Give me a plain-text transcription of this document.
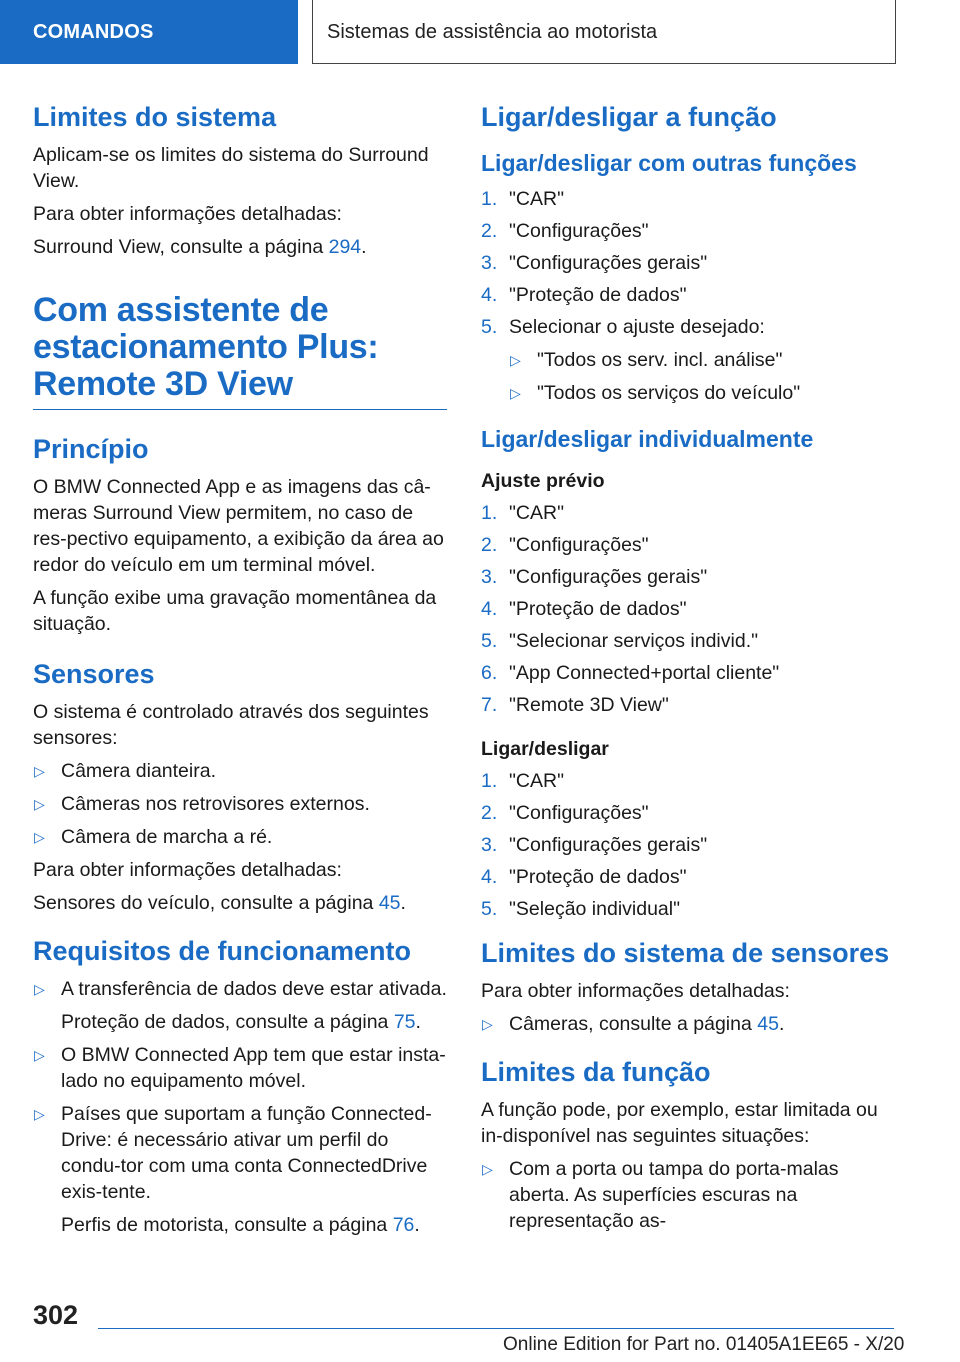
COMANDOS	Sistemas de assistência ao motorista
Limites do sistema

Aplicam-se os limites do sistema do Surround View.

Para obter informações detalhadas:

Surround View, consulte a página 294.

Com assistente de
estacionamento Plus:
Remote 3D View
Princípio

O BMW Connected App e as imagens das câ-meras Surround View permitem, no caso de res-pectivo equipamento, a exibição da área ao redor do veículo em um terminal móvel.

A função exibe uma gravação momentânea da situação.

Sensores

O sistema é controlado através dos seguintes sensores:

▷ Câmera dianteira.
▷ Câmeras nos retrovisores externos.
▷ Câmera de marcha a ré.

Para obter informações detalhadas:

Sensores do veículo, consulte a página 45.

Requisitos de funcionamento
▷ A transferência de dados deve estar ativada.
Proteção de dados, consulte a página 75.
▷ O BMW Connected App tem que estar insta-lado no equipamento móvel.
▷ Países que suportam a função Connected-Drive: é necessário ativar um perfil do condu-tor com uma conta ConnectedDrive exis-tente.
Perfis de motorista, consulte a página 76.
Ligar/desligar a função
Ligar/desligar com outras funções
1. "CAR"
2. "Configurações"
3. "Configurações gerais"
4. "Proteção de dados"
5. Selecionar o ajuste desejado:
▷ "Todos os serv. incl. análise"
▷ "Todos os serviços do veículo"
Ligar/desligar individualmente
Ajuste prévio
1. "CAR"
2. "Configurações"
3. "Configurações gerais"
4. "Proteção de dados"
5. "Selecionar serviços individ."
6. "App Connected+portal cliente"
7. "Remote 3D View"
Ligar/desligar
1. "CAR"
2. "Configurações"
3. "Configurações gerais"
4. "Proteção de dados"
5. "Seleção individual"
Limites do sistema de sensores

Para obter informações detalhadas:

▷ Câmeras, consulte a página 45.
Limites da função

A função pode, por exemplo, estar limitada ou in-disponível nas seguintes situações:

▷ Com a porta ou tampa do porta-malas aberta. As superfícies escuras na representação as-
302
Online Edition for Part no. 01405A1EE65 - X/20
